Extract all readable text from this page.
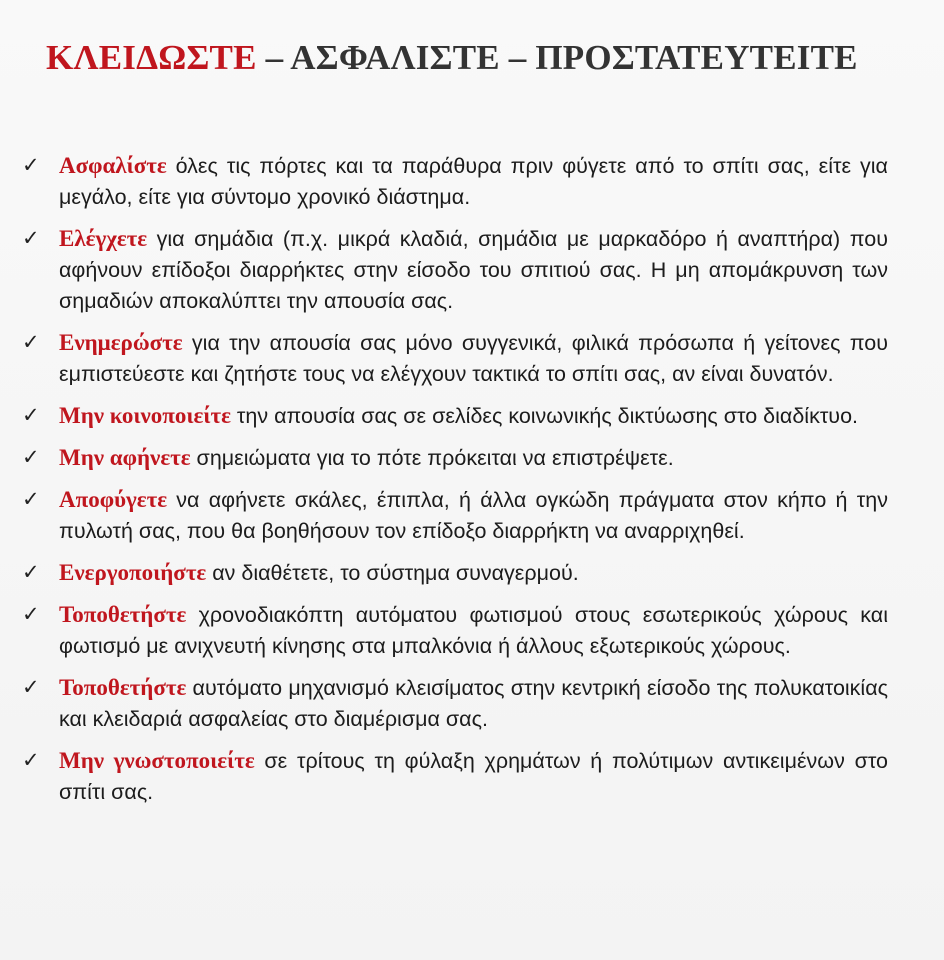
ΚΛΕΙΔΩΣΤΕ – ΑΣΦΑΛΙΣΤΕ – ΠΡΟΣΤΑΤΕΥΤΕΙΤΕ
✓ Ασφαλίστε όλες τις πόρτες και τα παράθυρα πριν φύγετε από το σπίτι σας, είτε για μεγάλο, είτε για σύντομο χρονικό διάστημα.
✓ Ελέγχετε για σημάδια (π.χ. μικρά κλαδιά, σημάδια με μαρκαδόρο ή αναπτήρα) που αφήνουν επίδοξοι διαρρήκτες στην είσοδο του σπιτιού σας. Η μη απομάκρυνση των σημαδιών αποκαλύπτει την απουσία σας.
✓ Ενημερώστε για την απουσία σας μόνο συγγενικά, φιλικά πρόσωπα ή γείτονες που εμπιστεύεστε και ζητήστε τους να ελέγχουν τακτικά το σπίτι σας, αν είναι δυνατόν.
✓ Μην κοινοποιείτε την απουσία σας σε σελίδες κοινωνικής δικτύωσης στο διαδίκτυο.
✓ Μην αφήνετε σημειώματα για το πότε πρόκειται να επιστρέψετε.
✓ Αποφύγετε να αφήνετε σκάλες, έπιπλα, ή άλλα ογκώδη πράγματα στον κήπο ή την πυλωτή σας, που θα βοηθήσουν τον επίδοξο διαρρήκτη να αναρριχηθεί.
✓ Ενεργοποιήστε αν διαθέτετε, το σύστημα συναγερμού.
✓ Τοποθετήστε χρονοδιακόπτη αυτόματου φωτισμού στους εσωτερικούς χώρους και φωτισμό με ανιχνευτή κίνησης στα μπαλκόνια ή άλλους εξωτερικούς χώρους.
✓ Τοποθετήστε αυτόματο μηχανισμό κλεισίματος στην κεντρική είσοδο της πολυκατοικίας και κλειδαριά ασφαλείας στο διαμέρισμα σας.
✓ Μην γνωστοποιείτε σε τρίτους τη φύλαξη χρημάτων ή πολύτιμων αντικειμένων στο σπίτι σας.
